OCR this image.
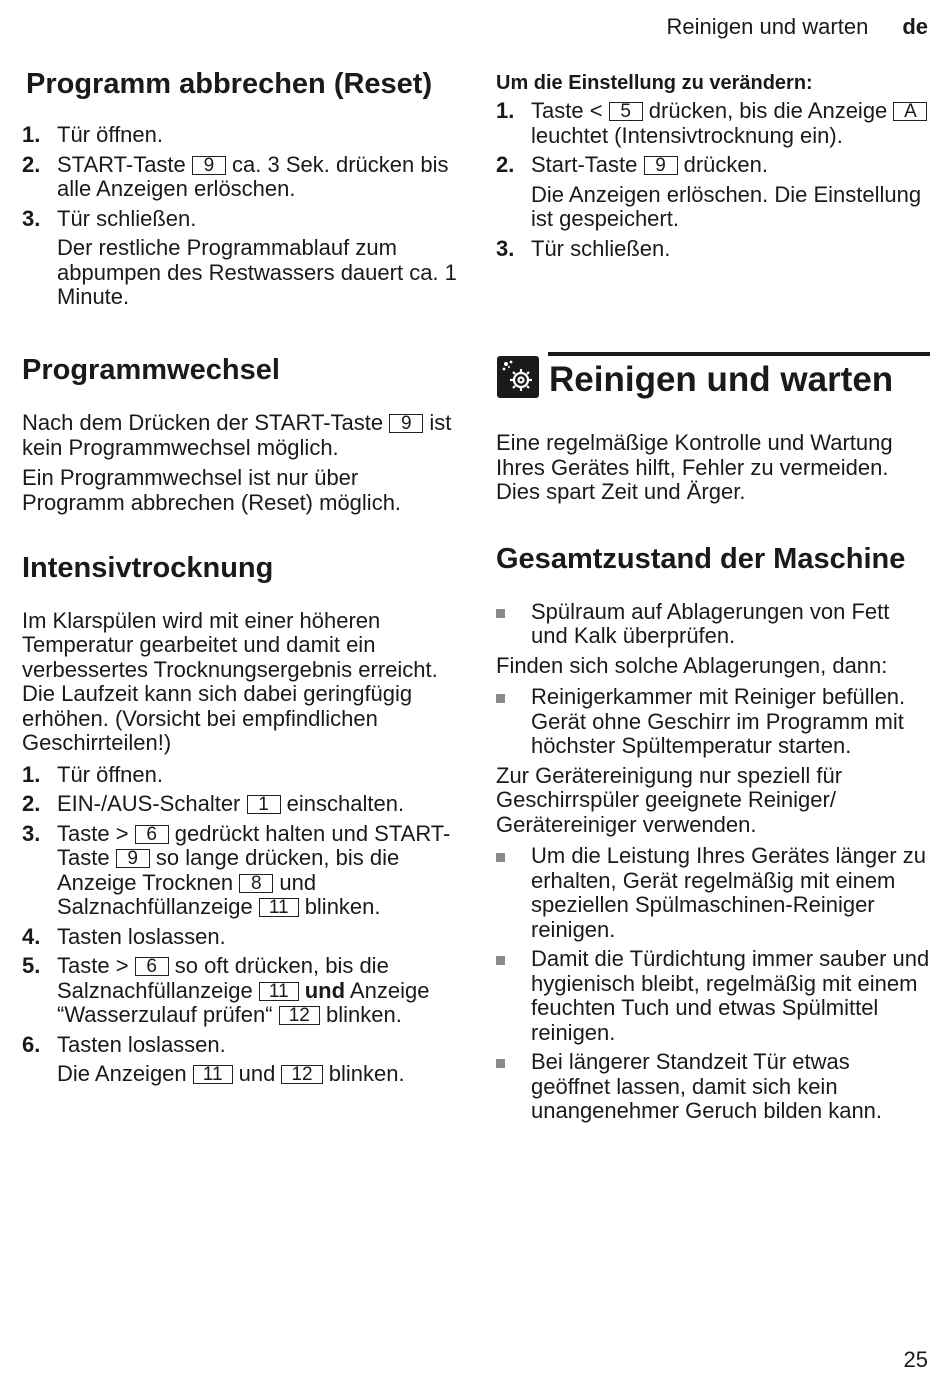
Reinigen und warten de
Programm abbrechen (Reset)
1. Tür öffnen.
2. START-Taste 9 ca. 3 Sek. drücken bis alle Anzeigen erlöschen.
3. Tür schließen.
Der restliche Programmablauf zum abpumpen des Restwassers dauert ca. 1 Minute.
Programmwechsel

Nach dem Drücken der START-Taste 9 ist kein Programmwechsel möglich.

Ein Programmwechsel ist nur über Programm abbrechen (Reset) möglich.

Intensivtrocknung

Im Klarspülen wird mit einer höheren Temperatur gearbeitet und damit ein verbessertes Trocknungsergebnis erreicht. Die Laufzeit kann sich dabei geringfügig erhöhen. (Vorsicht bei empfindlichen Geschirrteilen!)

1. Tür öffnen.
2. EIN-/AUS-Schalter 1 einschalten.
3. Taste > 6 gedrückt halten und START-Taste 9 so lange drücken, bis die Anzeige Trocknen 8 und Salznachfüllanzeige 11 blinken.
4. Tasten loslassen.
5. Taste > 6 so oft drücken, bis die Salznachfüllanzeige 11 und Anzeige “Wasserzulauf prüfen“ 12 blinken.
6. Tasten loslassen.
Die Anzeigen 11 und 12 blinken.
Um die Einstellung zu verändern:
1. Taste < 5 drücken, bis die Anzeige A leuchtet (Intensivtrocknung ein).
2. Start-Taste 9 drücken.
Die Anzeigen erlöschen. Die Einstellung ist gespeichert.
3. Tür schließen.
Reinigen und warten

Eine regelmäßige Kontrolle und Wartung Ihres Gerätes hilft, Fehler zu vermeiden. Dies spart Zeit und Ärger.

Gesamtzustand der Maschine
Spülraum auf Ablagerungen von Fett und Kalk überprüfen.

Finden sich solche Ablagerungen, dann:

Reinigerkammer mit Reiniger befüllen. Gerät ohne Geschirr im Programm mit höchster Spültemperatur starten.

Zur Gerätereinigung nur speziell für Geschirrspüler geeignete Reiniger/ Gerätereiniger verwenden.

Um die Leistung Ihres Gerätes länger zu erhalten, Gerät regelmäßig mit einem speziellen Spülmaschinen-Reiniger reinigen.
Damit die Türdichtung immer sauber und hygienisch bleibt, regelmäßig mit einem feuchten Tuch und etwas Spülmittel reinigen.
Bei längerer Standzeit Tür etwas geöffnet lassen, damit sich kein unangenehmer Geruch bilden kann.
25
